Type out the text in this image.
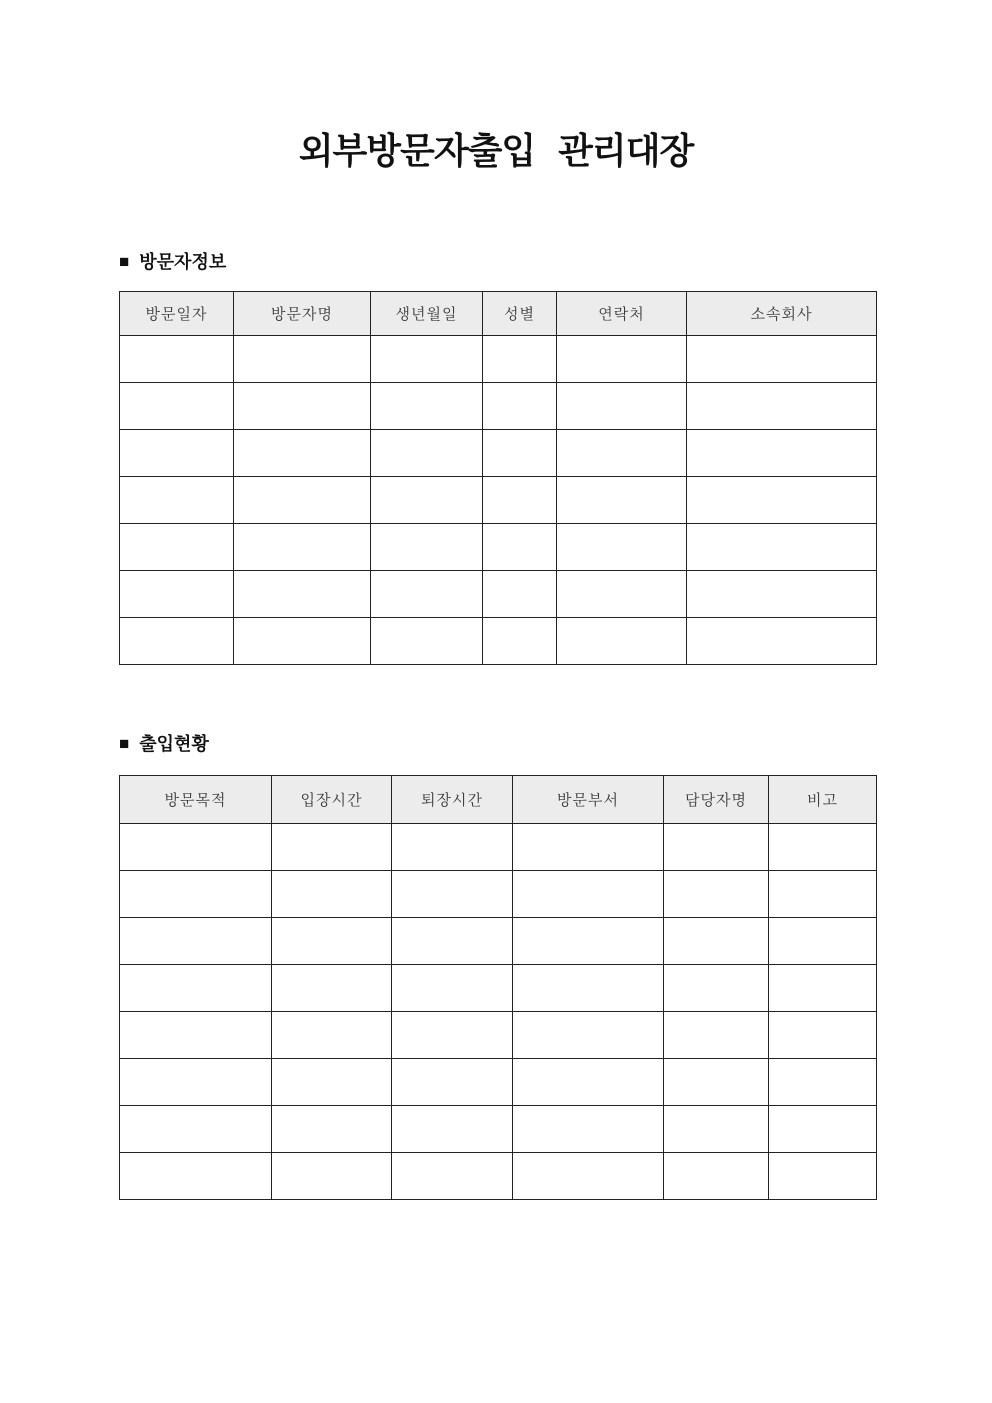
외부방문자출입 관리대장
■ 방문자정보
방문일자	방문자명	생년월일	성별	연락처	소속회사

■ 출입현황
방문목적	입장시간	퇴장시간	방문부서	담당자명	비고
